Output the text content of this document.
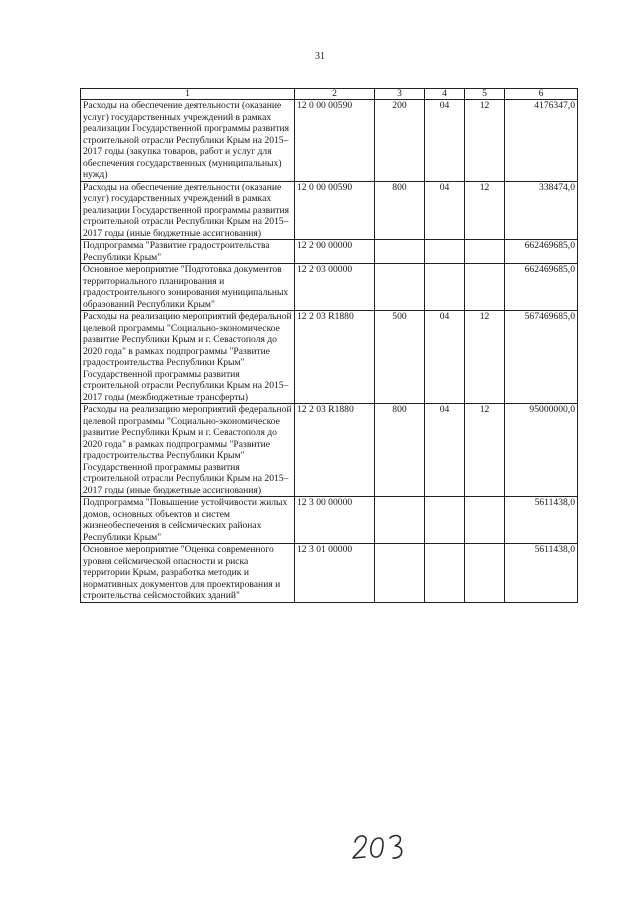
31
1	2	3	4	5	6
Расходы на обеспечение деятельности (оказание услуг) государственных учреждений в рамках реализации Государственной программы развития строительной отрасли Республики Крым на 2015–2017 годы (закупка товаров, работ и услуг для обеспечения государственных (муниципальных) нужд)	12 0 00 00590	200	04	12	4176347,0
Расходы на обеспечение деятельности (оказание услуг) государственных учреждений в рамках реализации Государственной программы развития строительной отрасли Республики Крым на 2015–2017 годы (иные бюджетные ассигнования)	12 0 00 00590	800	04	12	338474,0
Подпрограмма "Развитие градостроительства Республики Крым"	12 2 00 00000				662469685,0
Основное мероприятие "Подготовка документов территориального планирования и градостроительного зонирования муниципальных образований Республики Крым"	12 2 03 00000				662469685,0
Расходы на реализацию мероприятий федеральной целевой программы "Социально-экономическое развитие Республики Крым и г. Севастополя до 2020 года" в рамках подпрограммы "Развитие градостроительства Республики Крым" Государственной программы развития строительной отрасли Республики Крым на 2015–2017 годы (межбюджетные трансферты)	12 2 03 R1880	500	04	12	567469685,0
Расходы на реализацию мероприятий федеральной целевой программы "Социально-экономическое развитие Республики Крым и г. Севастополя до 2020 года" в рамках подпрограммы "Развитие градостроительства Республики Крым" Государственной программы развития строительной отрасли Республики Крым на 2015–2017 годы (иные бюджетные ассигнования)	12 2 03 R1880	800	04	12	95000000,0
Подпрограмма "Повышение устойчивости жилых домов, основных объектов и систем жизнеобеспечения в сейсмических районах Республики Крым"	12 3 00 00000				5611438,0
Основное мероприятие "Оценка современного уровня сейсмической опасности и риска территории Крым, разработка методик и нормативных документов для проектирования и строительства сейсмостойких зданий"	12 3 01 00000				5611438,0
